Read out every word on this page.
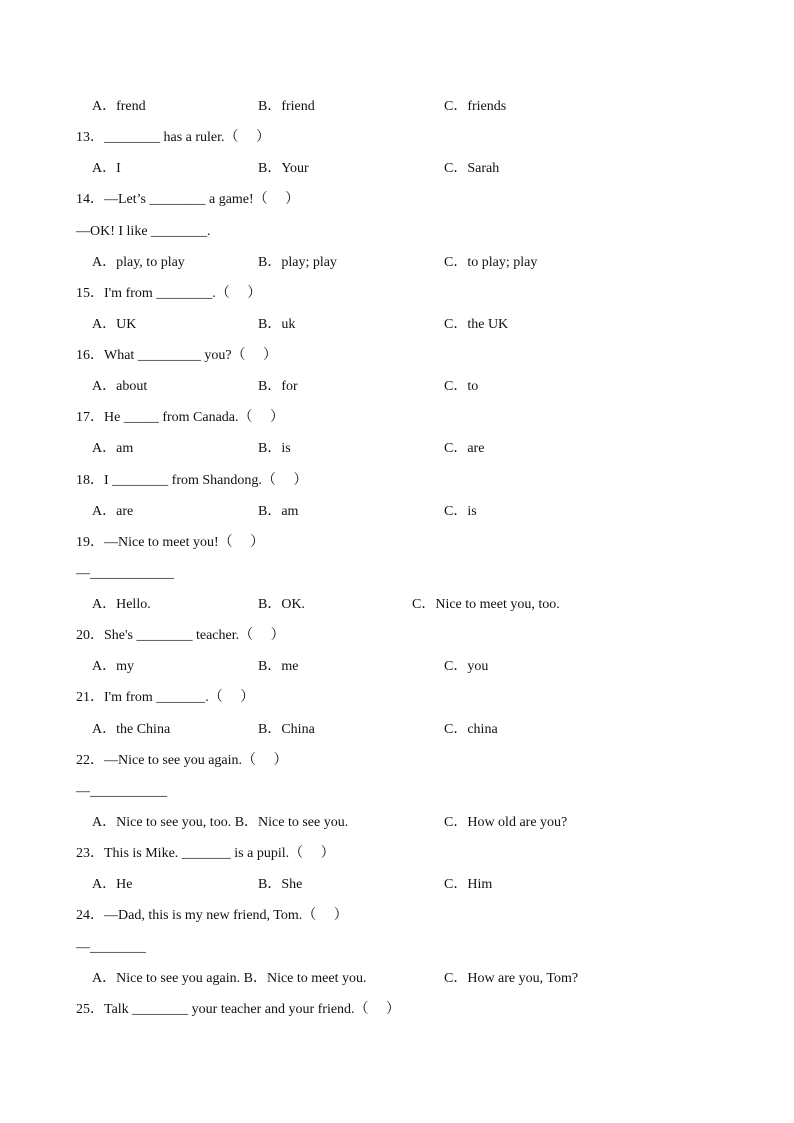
A．frend	B．friend	C．friends
13．________ has a ruler.（     ）
A．I	B．Your	C．Sarah
14．—Let’s ________ a game!（     ）
—OK! I like ________.
A．play, to play	B．play; play	C．to play; play
15．I'm from ________.（     ）
A．UK	B．uk	C．the UK
16．What _________ you?（     ）
A．about	B．for	C．to
17．He _____ from Canada.（     ）
A．am	B．is	C．are
18．I ________ from Shandong.（     ）
A．are	B．am	C．is
19．—Nice to meet you!（     ）
—____________
A．Hello.	B．OK.	C．Nice to meet you, too.
20．She's ________ teacher.（     ）
A．my	B．me	C．you
21．I'm from _______.（     ）
A．the China	B．China	C．china
22．—Nice to see you again.（     ）
—___________
A．Nice to see you, too. B．Nice to see you.	C．How old are you?
23．This is Mike. _______ is a pupil.（     ）
A．He	B．She	C．Him
24．—Dad, this is my new friend, Tom.（     ）
—________
A．Nice to see you again. B．Nice to meet you.	C．How are you, Tom?
25．Talk ________ your teacher and your friend.（     ）
